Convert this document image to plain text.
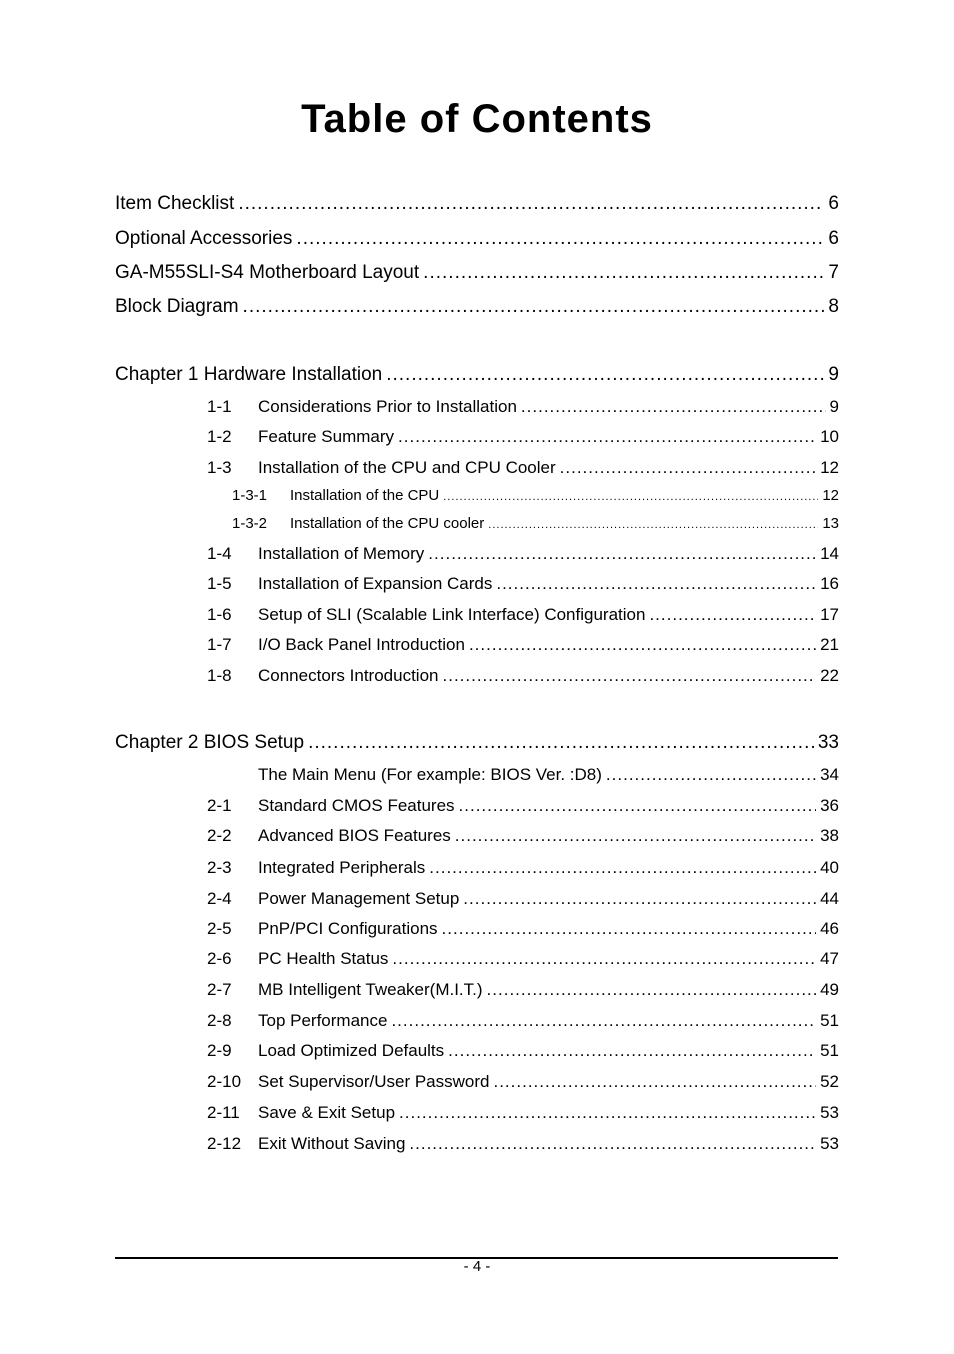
Table of Contents
Item Checklist .....	6
Optional Accessories .....	6
GA-M55SLI-S4 Motherboard Layout .....	7
Block Diagram .....	8
Chapter 1 Hardware Installation .....	9
1-1	Considerations Prior to Installation .....	9
1-2	Feature Summary .....	10
1-3	Installation of the CPU and CPU Cooler .....	12
1-3-1	Installation of the CPU .....	12
1-3-2	Installation of the CPU cooler .....	13
1-4	Installation of Memory .....	14
1-5	Installation of Expansion Cards .....	16
1-6	Setup of SLI (Scalable Link Interface) Configuration .....	17
1-7	I/O Back Panel Introduction .....	21
1-8	Connectors Introduction .....	22
Chapter 2 BIOS Setup .....	33
The Main Menu (For example: BIOS Ver. :D8) .....	34
2-1	Standard CMOS Features .....	36
2-2	Advanced BIOS Features .....	38
2-3	Integrated Peripherals .....	40
2-4	Power Management Setup .....	44
2-5	PnP/PCI Configurations .....	46
2-6	PC Health Status .....	47
2-7	MB Intelligent Tweaker(M.I.T.) .....	49
2-8	Top Performance .....	51
2-9	Load Optimized Defaults .....	51
2-10 Set Supervisor/User Password .....	52
2-11	Save & Exit Setup .....	53
2-12 Exit Without Saving .....	53
- 4 -
